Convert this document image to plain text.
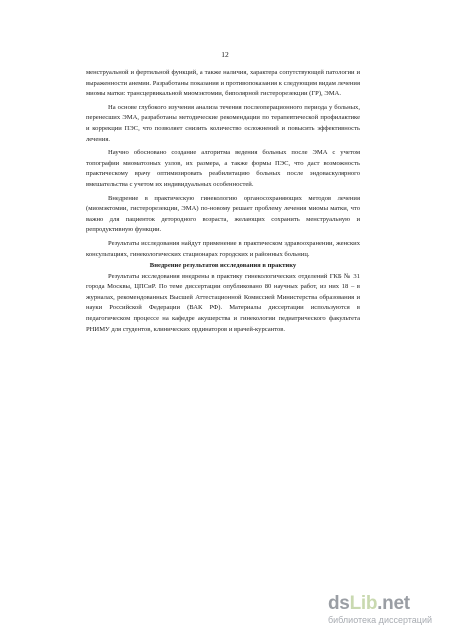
12

менструальной и фертильной функций, а также наличия, характера сопутствующей патологии и выраженности анемии. Разработаны показания и противопоказания к следующим видам лечения миомы матки: трансцервикальной миомэктомии, биполярной гистерорезекции (ГР), ЭМА.

На основе глубокого изучения анализа течения послеоперационного периода у больных, перенесших ЭМА, разработаны методические рекомендации по терапевтической профилактике и коррекции ПЭС, что позволяет снизить количество осложнений и повысить эффективность лечения.

Научно обосновано создание алгоритма ведения больных после ЭМА с учетом топографии миоматозных узлов, их размера, а также формы ПЭС, что даст возможность практическому врачу оптимизировать реабилитацию больных после эндоваскулярного вмешательства с учетом их индивидуальных особенностей.

Внедрение в практическую гинекологию органосохраняющих методов лечения (миомэктомии, гистерорезекции, ЭМА) по-новому решает проблему лечения миомы матки, что важно для пациенток детородного возраста, желающих сохранить менструальную и репродуктивную функции.

Результаты исследования найдут применение в практическом здравоохранении, женских консультациях, гинекологических стационарах городских и районных больниц.

Внедрение результатов исследования в практику

Результаты исследования внедрены в практику гинекологических отделений ГКБ № 31 города Москвы, ЦПСиР. По теме диссертации опубликовано 80 научных работ, из них 18 – в журналах, рекомендованных Высшей Аттестационной Комиссией Министерства образования и науки Российской Федерации (ВАК РФ). Материалы диссертации используются в педагогическом процессе на кафедре акушерства и гинекологии педиатрического факультета РНИМУ для студентов, клинических ординаторов и врачей-курсантов.

dsLib.net
библиотека диссертаций
